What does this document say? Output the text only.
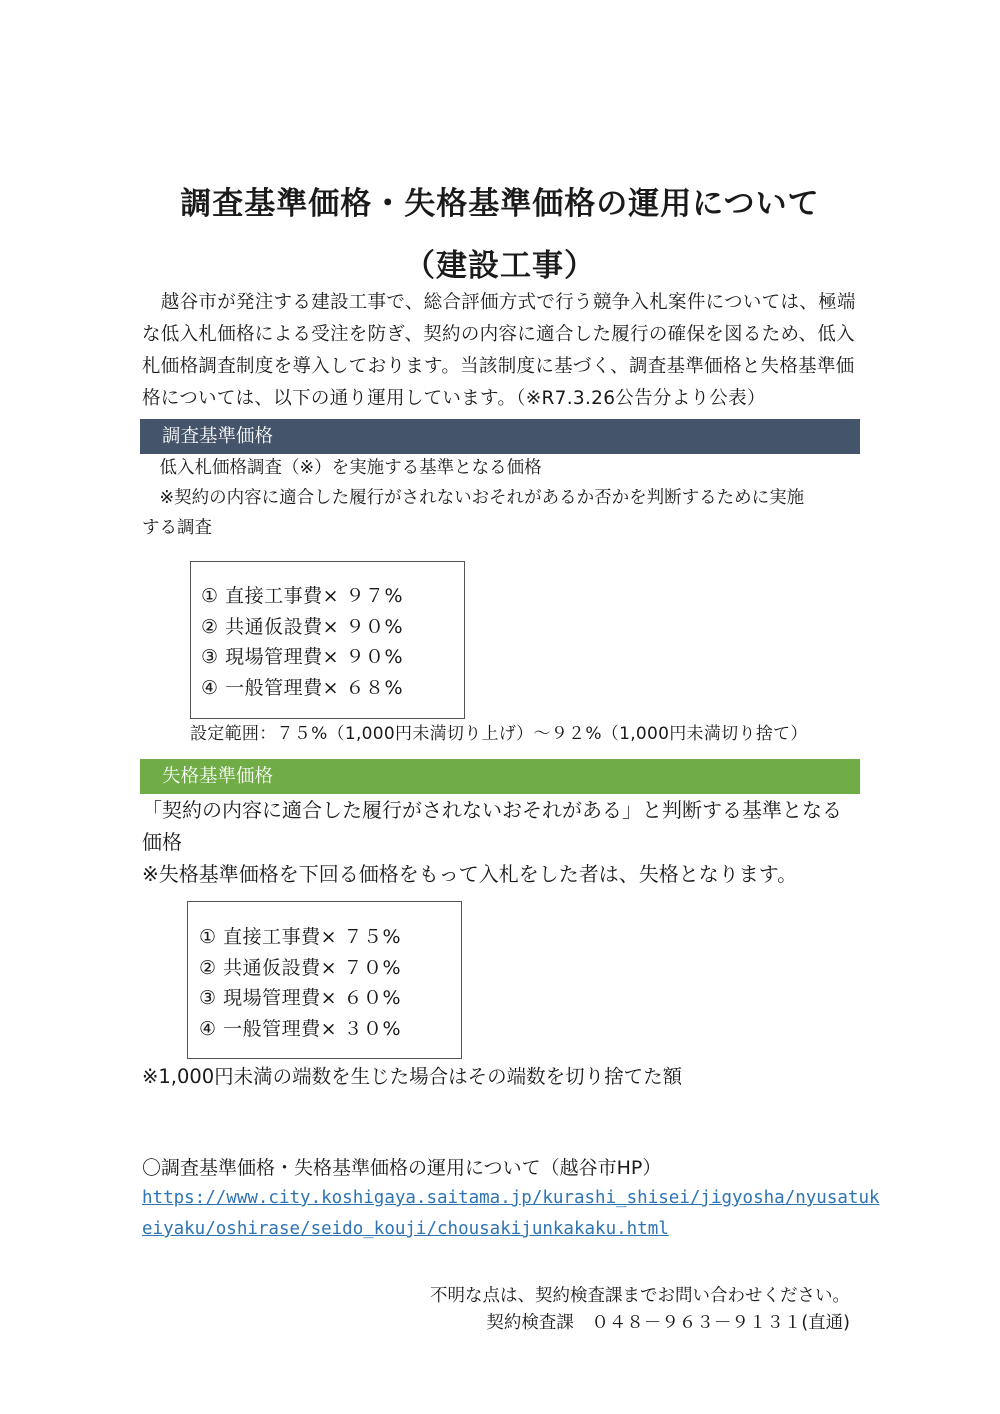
調査基準価格・失格基準価格の運用について
（建設工事）
　越谷市が発注する建設工事で、総合評価方式で行う競争入札案件については、極端
な低入札価格による受注を防ぎ、契約の内容に適合した履行の確保を図るため、低入
札価格調査制度を導入しております。当該制度に基づく、調査基準価格と失格基準価
格については、以下の通り運用しています。（※R7.3.26公告分より公表）
調査基準価格
　低入札価格調査（※）を実施する基準となる価格
　※契約の内容に適合した履行がされないおそれがあるか否かを判断するために実施
する調査
① 直接工事費× ９７%
② 共通仮設費× ９０%
③ 現場管理費× ９０%
④ 一般管理費× ６８%
設定範囲：７５%（1,000円未満切り上げ）～９２%（1,000円未満切り捨て）
失格基準価格
「契約の内容に適合した履行がされないおそれがある」と判断する基準となる
価格
※失格基準価格を下回る価格をもって入札をした者は、失格となります。
① 直接工事費× ７５%
② 共通仮設費× ７０%
③ 現場管理費× ６０%
④ 一般管理費× ３０%
※1,000円未満の端数を生じた場合はその端数を切り捨てた額
〇調査基準価格・失格基準価格の運用について（越谷市HP）
https://www.city.koshigaya.saitama.jp/kurashi_shisei/jigyosha/nyusatuk
eiyaku/oshirase/seido_kouji/chousakijunkakaku.html
不明な点は、契約検査課までお問い合わせください。
契約検査課　０４８－９６３－９１３１(直通)
